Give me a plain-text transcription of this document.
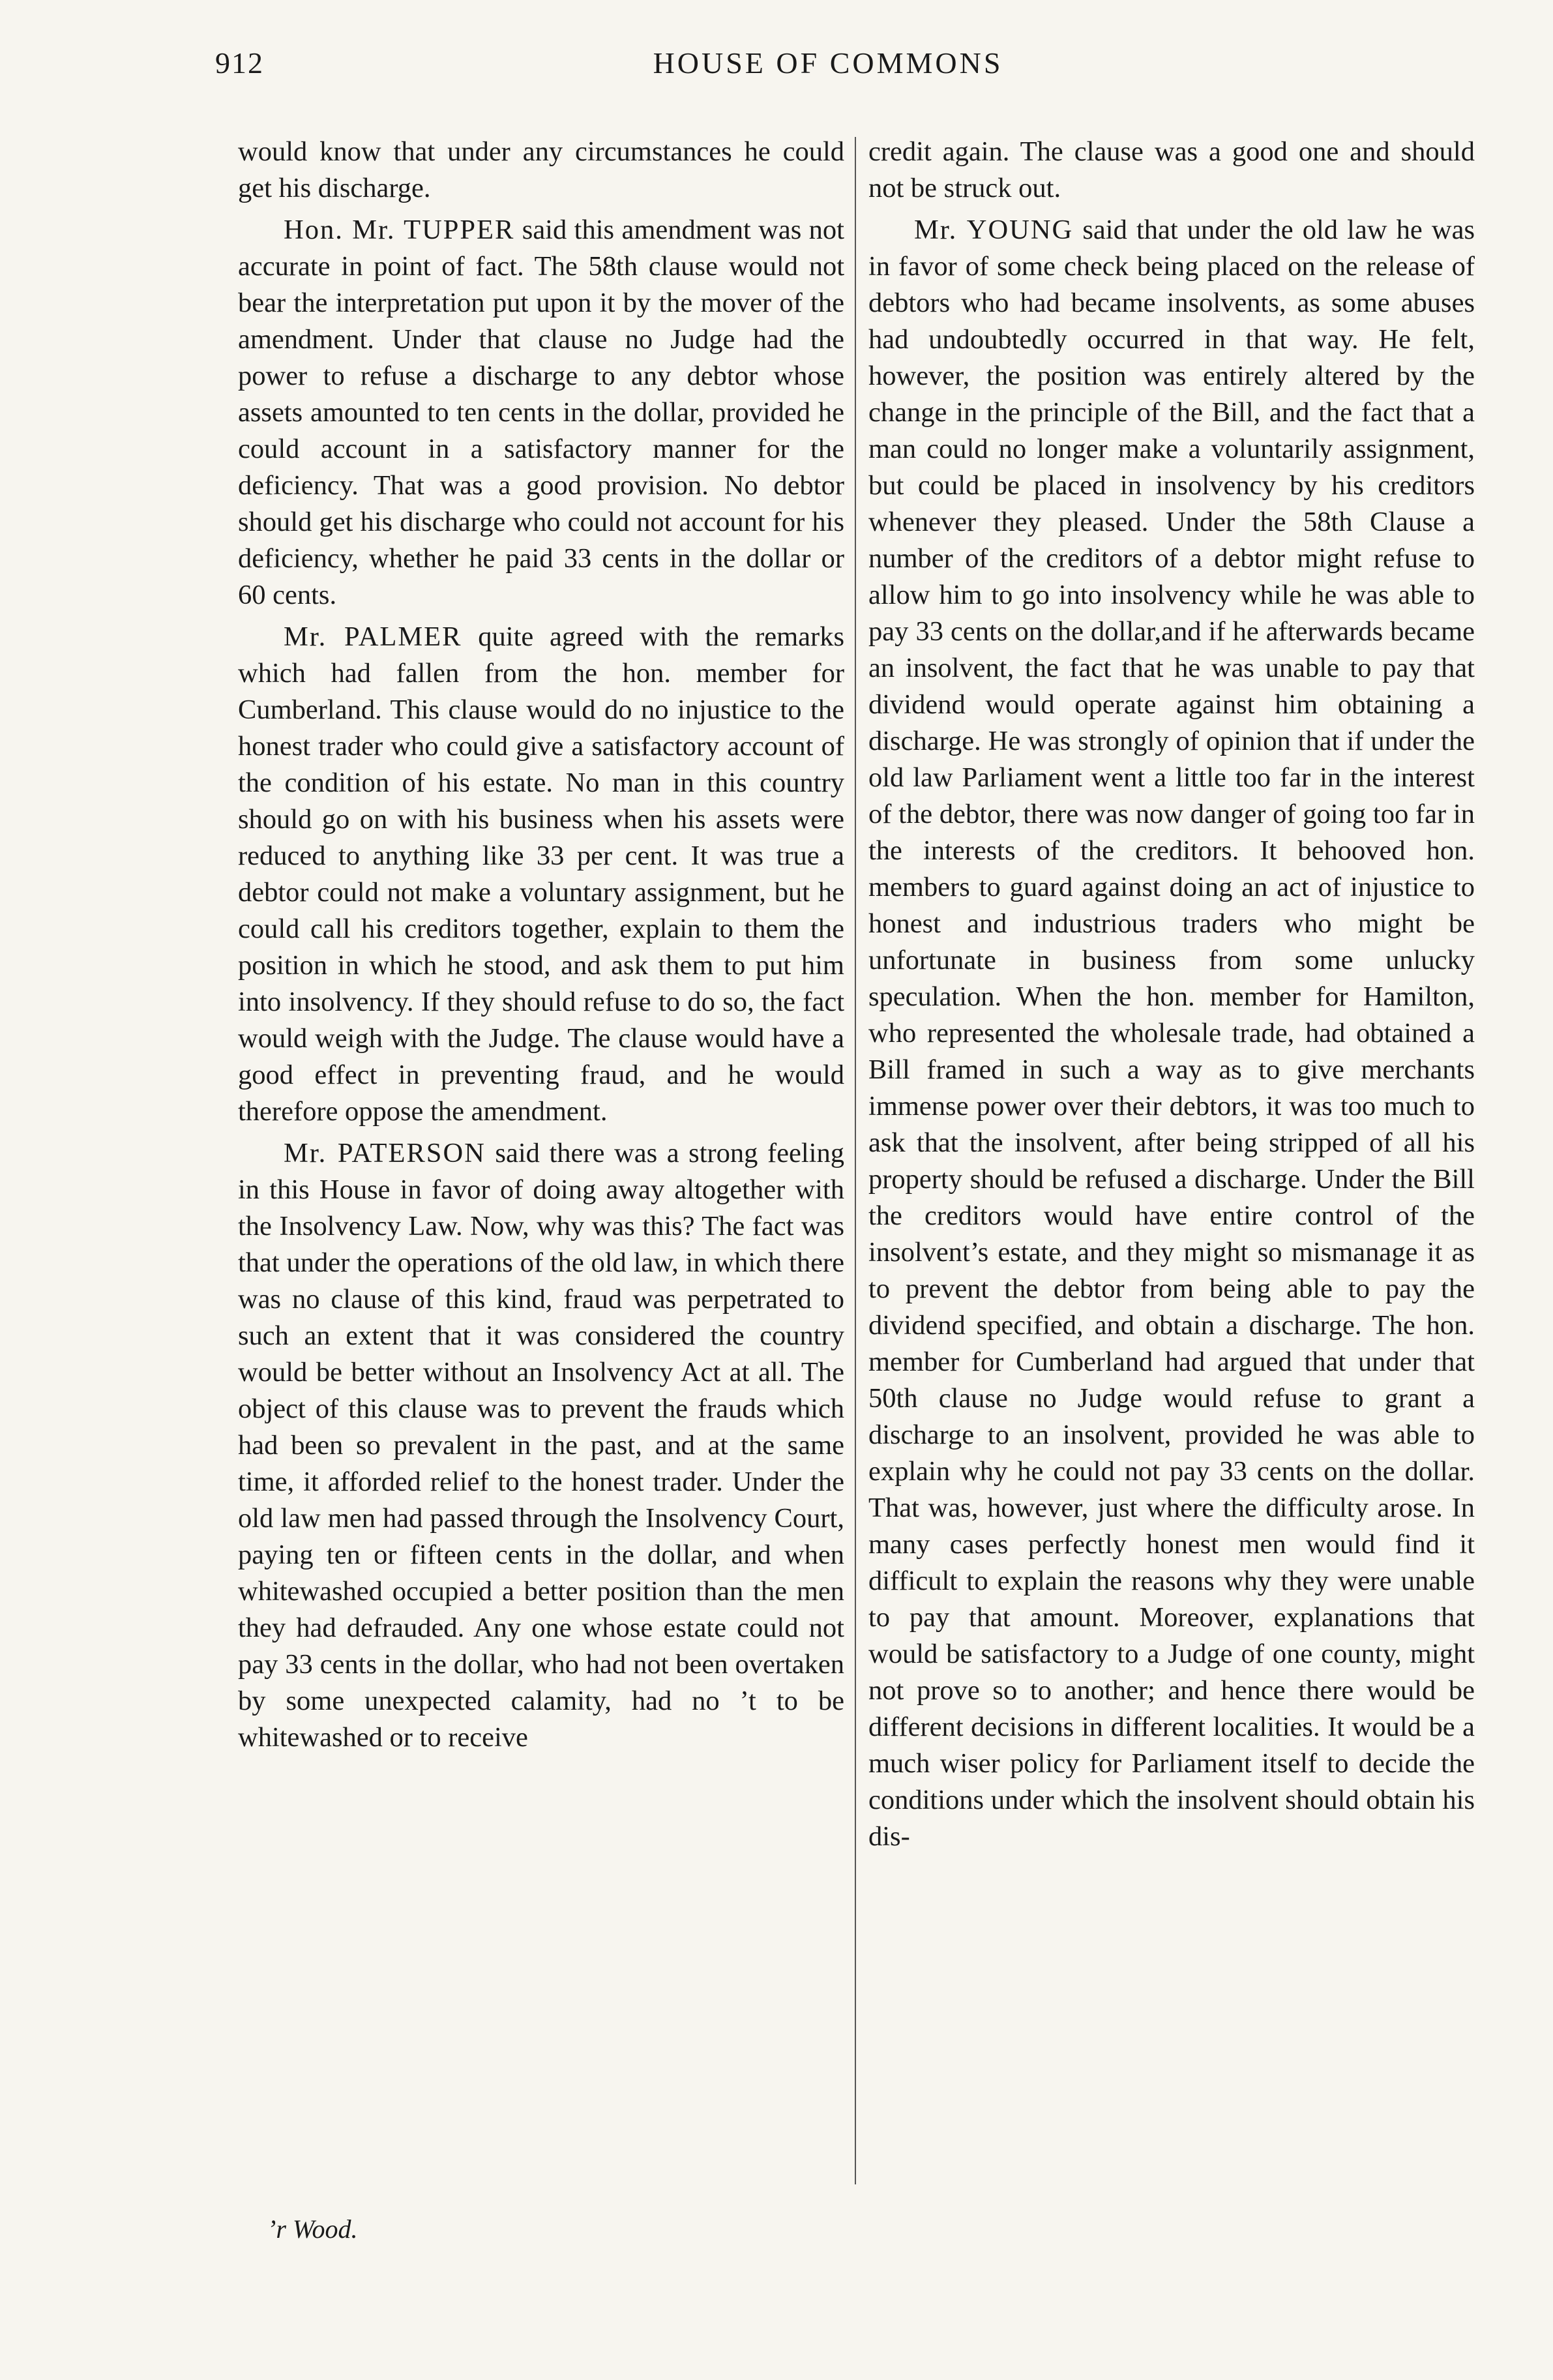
912	HOUSE OF COMMONS

would know that under any circumstances he could get his discharge.

Hon. Mr. TUPPER said this amendment was not accurate in point of fact. The 58th clause would not bear the interpretation put upon it by the mover of the amendment. Under that clause no Judge had the power to refuse a discharge to any debtor whose assets amounted to ten cents in the dollar, provided he could account in a satisfactory manner for the deficiency. That was a good provision. No debtor should get his discharge who could not account for his deficiency, whether he paid 33 cents in the dollar or 60 cents.

Mr. PALMER quite agreed with the remarks which had fallen from the hon. member for Cumberland. This clause would do no injustice to the honest trader who could give a satisfactory account of the condition of his estate. No man in this country should go on with his business when his assets were reduced to anything like 33 per cent. It was true a debtor could not make a voluntary assignment, but he could call his creditors together, explain to them the position in which he stood, and ask them to put him into insolvency. If they should refuse to do so, the fact would weigh with the Judge. The clause would have a good effect in preventing fraud, and he would therefore oppose the amendment.

Mr. PATERSON said there was a strong feeling in this House in favor of doing away altogether with the Insolvency Law. Now, why was this? The fact was that under the operations of the old law, in which there was no clause of this kind, fraud was perpetrated to such an extent that it was considered the country would be better without an Insolvency Act at all. The object of this clause was to prevent the frauds which had been so prevalent in the past, and at the same time, it afforded relief to the honest trader. Under the old law men had passed through the Insolvency Court, paying ten or fifteen cents in the dollar, and when whitewashed occupied a better position than the men they had defrauded. Any one whose estate could not pay 33 cents in the dollar, who had not been overtaken by some unexpected calamity, had no ’t to be whitewashed or to receive

credit again. The clause was a good one and should not be struck out.

Mr. YOUNG said that under the old law he was in favor of some check being placed on the release of debtors who had became insolvents, as some abuses had undoubtedly occurred in that way. He felt, however, the position was entirely altered by the change in the principle of the Bill, and the fact that a man could no longer make a voluntarily assignment, but could be placed in insolvency by his creditors whenever they pleased. Under the 58th Clause a number of the creditors of a debtor might refuse to allow him to go into insolvency while he was able to pay 33 cents on the dollar,and if he afterwards became an insolvent, the fact that he was unable to pay that dividend would operate against him obtaining a discharge. He was strongly of opinion that if under the old law Parliament went a little too far in the interest of the debtor, there was now danger of going too far in the interests of the creditors. It behooved hon. members to guard against doing an act of injustice to honest and industrious traders who might be unfortunate in business from some unlucky speculation. When the hon. member for Hamilton, who represented the wholesale trade, had obtained a Bill framed in such a way as to give merchants immense power over their debtors, it was too much to ask that the insolvent, after being stripped of all his property should be refused a discharge. Under the Bill the creditors would have entire control of the insolvent’s estate, and they might so mismanage it as to prevent the debtor from being able to pay the dividend specified, and obtain a discharge. The hon. member for Cumberland had argued that under that 50th clause no Judge would refuse to grant a discharge to an insolvent, provided he was able to explain why he could not pay 33 cents on the dollar. That was, however, just where the difficulty arose. In many cases perfectly honest men would find it difficult to explain the reasons why they were unable to pay that amount. Moreover, explanations that would be satisfactory to a Judge of one county, might not prove so to another; and hence there would be different decisions in different localities. It would be a much wiser policy for Parliament itself to decide the conditions under which the insolvent should obtain his dis-

’r Wood.
